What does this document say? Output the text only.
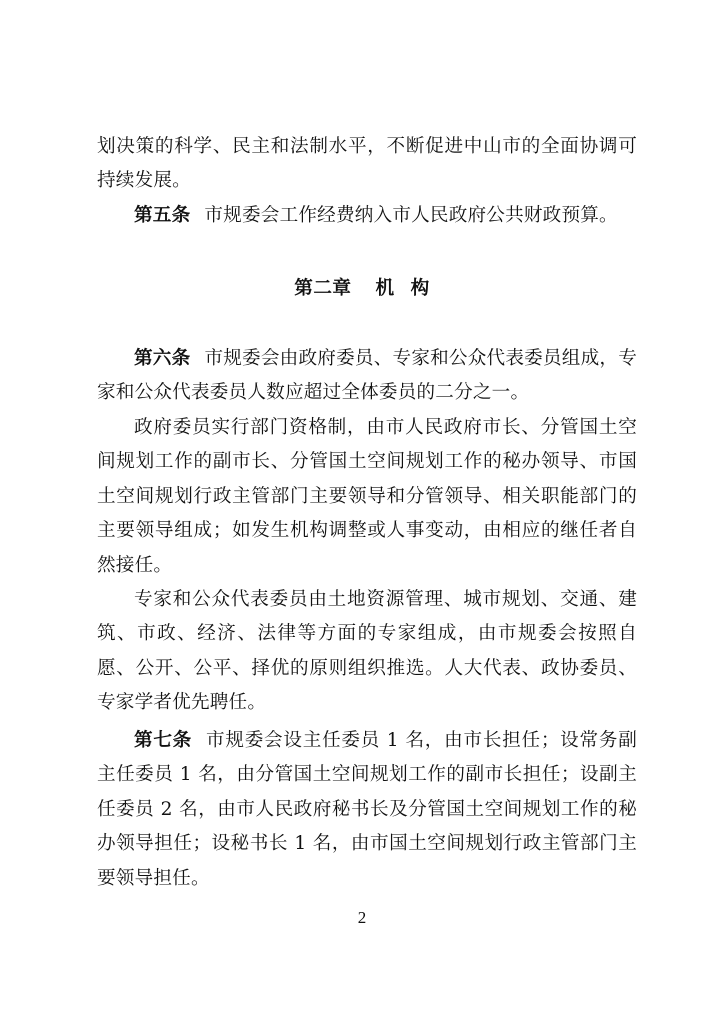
划决策的科学、民主和法制水平，不断促进中山市的全面协调可持续发展。

第五条 市规委会工作经费纳入市人民政府公共财政预算。

第二章 机 构

第六条 市规委会由政府委员、专家和公众代表委员组成，专家和公众代表委员人数应超过全体委员的二分之一。

政府委员实行部门资格制，由市人民政府市长、分管国土空间规划工作的副市长、分管国土空间规划工作的秘办领导、市国土空间规划行政主管部门主要领导和分管领导、相关职能部门的主要领导组成；如发生机构调整或人事变动，由相应的继任者自然接任。

专家和公众代表委员由土地资源管理、城市规划、交通、建筑、市政、经济、法律等方面的专家组成，由市规委会按照自愿、公开、公平、择优的原则组织推选。人大代表、政协委员、专家学者优先聘任。

第七条 市规委会设主任委员 1 名，由市长担任；设常务副主任委员 1 名，由分管国土空间规划工作的副市长担任；设副主任委员 2 名，由市人民政府秘书长及分管国土空间规划工作的秘办领导担任；设秘书长 1 名，由市国土空间规划行政主管部门主要领导担任。

2
